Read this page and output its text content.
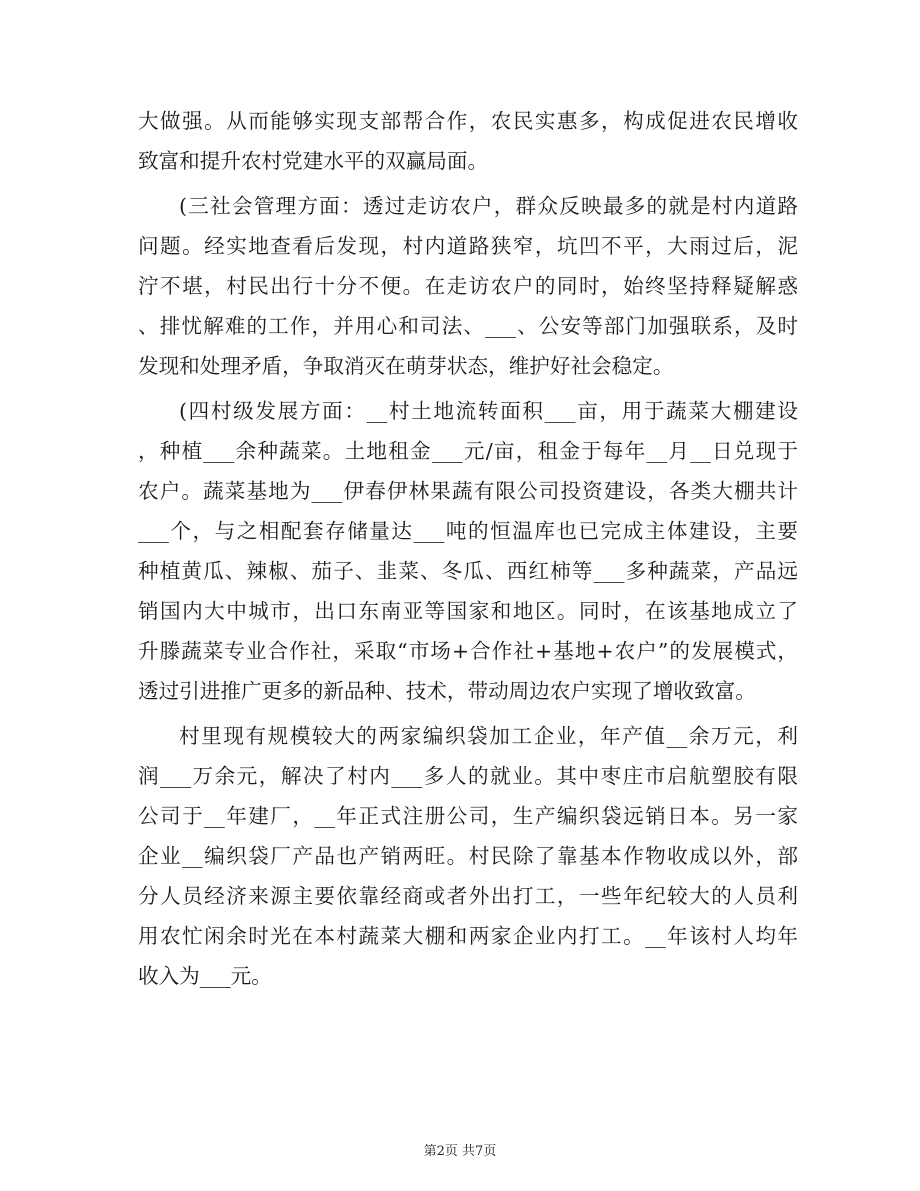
大做强。从而能够实现支部帮合作，农民实惠多，构成促进农民增收
致富和提升农村党建水平的双赢局面。
(三社会管理方面：透过走访农户，群众反映最多的就是村内道路
问题。经实地查看后发现，村内道路狭窄，坑凹不平，大雨过后，泥
泞不堪，村民出行十分不便。在走访农户的同时，始终坚持释疑解惑
、排忧解难的工作，并用心和司法、___、公安等部门加强联系，及时
发现和处理矛盾，争取消灭在萌芽状态，维护好社会稳定。
(四村级发展方面：__村土地流转面积___亩，用于蔬菜大棚建设
，种植___余种蔬菜。土地租金___元/亩，租金于每年__月__日兑现于
农户。蔬菜基地为___伊春伊林果蔬有限公司投资建设，各类大棚共计
___个，与之相配套存储量达___吨的恒温库也已完成主体建设，主要
种植黄瓜、辣椒、茄子、韭菜、冬瓜、西红柿等___多种蔬菜，产品远
销国内大中城市，出口东南亚等国家和地区。同时，在该基地成立了
升滕蔬菜专业合作社，采取“市场+合作社+基地+农户”的发展模式，
透过引进推广更多的新品种、技术，带动周边农户实现了增收致富。
村里现有规模较大的两家编织袋加工企业，年产值__余万元，利
润___万余元，解决了村内___多人的就业。其中枣庄市启航塑胶有限
公司于__年建厂，__年正式注册公司，生产编织袋远销日本。另一家
企业__编织袋厂产品也产销两旺。村民除了靠基本作物收成以外，部
分人员经济来源主要依靠经商或者外出打工，一些年纪较大的人员利
用农忙闲余时光在本村蔬菜大棚和两家企业内打工。__年该村人均年
收入为___元。
第2页 共7页
